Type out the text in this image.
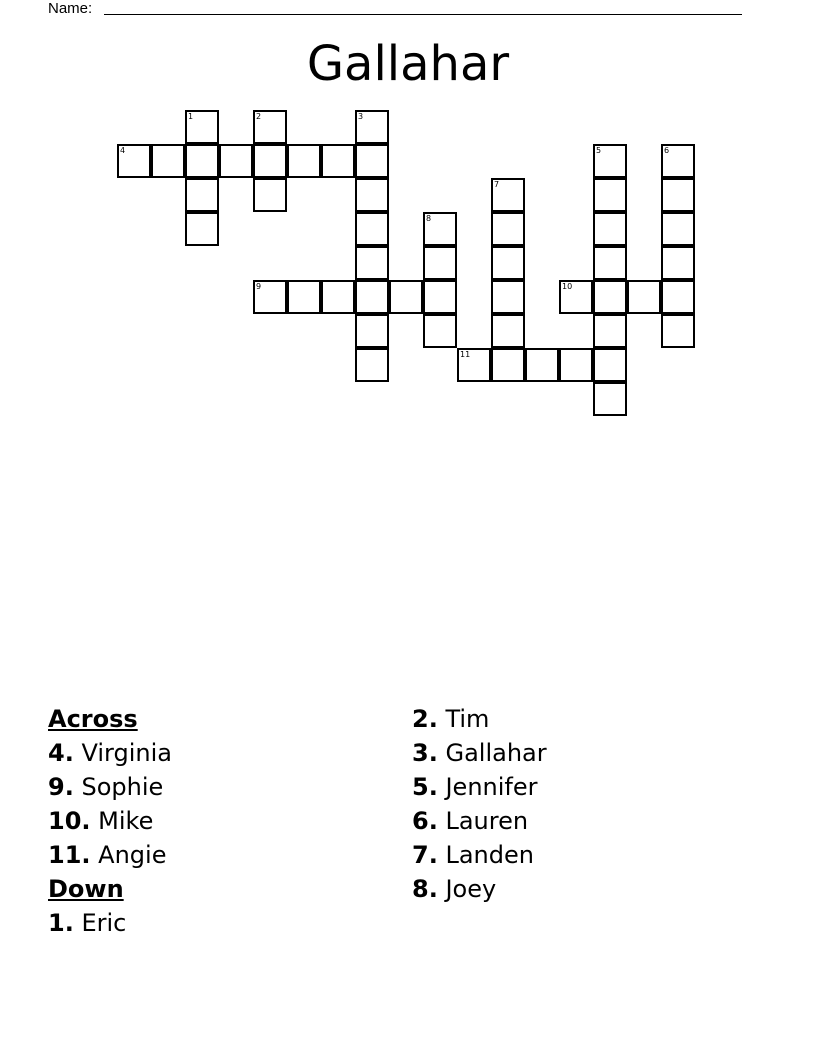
Name:
Gallahar
1	2	3
4	5	6
7
8
9	10
11
Across
4. Virginia
9. Sophie
10. Mike
11. Angie
Down
1. Eric
2. Tim
3. Gallahar
5. Jennifer
6. Lauren
7. Landen
8. Joey
